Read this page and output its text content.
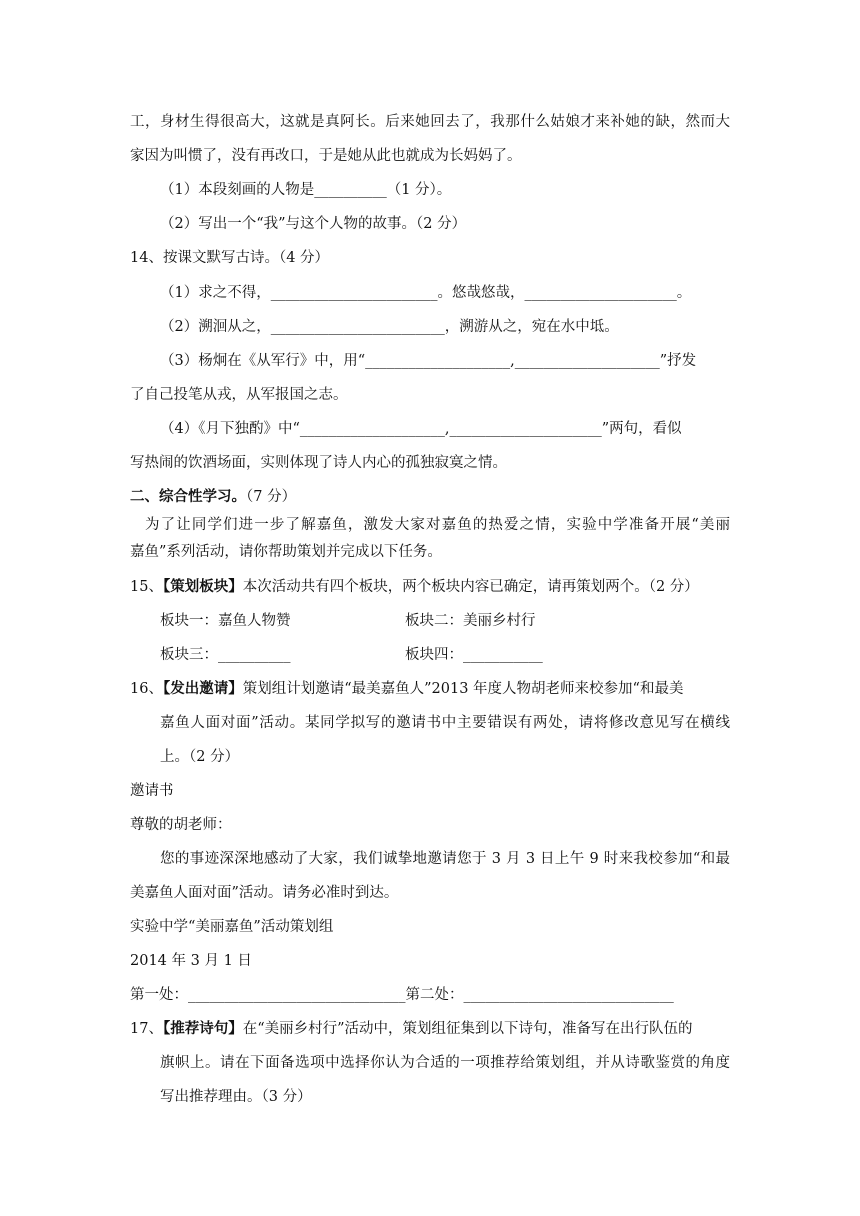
工，身材生得很高大，这就是真阿长。后来她回去了，我那什么姑娘才来补她的缺，然而大
家因为叫惯了，没有再改口，于是她从此也就成为长妈妈了。
（1）本段刻画的人物是__________（1 分）。
（2）写出一个“我”与这个人物的故事。（2 分）
14、按课文默写古诗。（4 分）
（1）求之不得，_______________________。悠哉悠哉，_____________________。
（2）溯洄从之，________________________，溯游从之，宛在水中坻。
（3）杨炯在《从军行》中，用“____________________,____________________”抒发
了自己投笔从戎，从军报国之志。
（4）《月下独酌》中“____________________,_____________________”两句，看似
写热闹的饮酒场面，实则体现了诗人内心的孤独寂寞之情。
二、综合性学习。（7 分）
为了让同学们进一步了解嘉鱼，激发大家对嘉鱼的热爱之情，实验中学准备开展“美丽
嘉鱼”系列活动，请你帮助策划并完成以下任务。
15、【策划板块】本次活动共有四个板块，两个板块内容已确定，请再策划两个。（2 分）
板块一：嘉鱼人物赞	板块二：美丽乡村行
板块三：__________	板块四：___________
16、【发出邀请】策划组计划邀请“最美嘉鱼人”2013 年度人物胡老师来校参加“和最美
嘉鱼人面对面”活动。某同学拟写的邀请书中主要错误有两处，请将修改意见写在横线
上。（2 分）
邀请书
尊敬的胡老师：
您的事迹深深地感动了大家，我们诚挚地邀请您于 3 月 3 日上午 9 时来我校参加“和最
美嘉鱼人面对面”活动。请务必准时到达。
实验中学“美丽嘉鱼”活动策划组
2014 年 3 月 1 日
第一处：______________________________第二处：_____________________________
17、【推荐诗句】在“美丽乡村行”活动中，策划组征集到以下诗句，准备写在出行队伍的
旗帜上。请在下面备选项中选择你认为合适的一项推荐给策划组，并从诗歌鉴赏的角度
写出推荐理由。（3 分）
